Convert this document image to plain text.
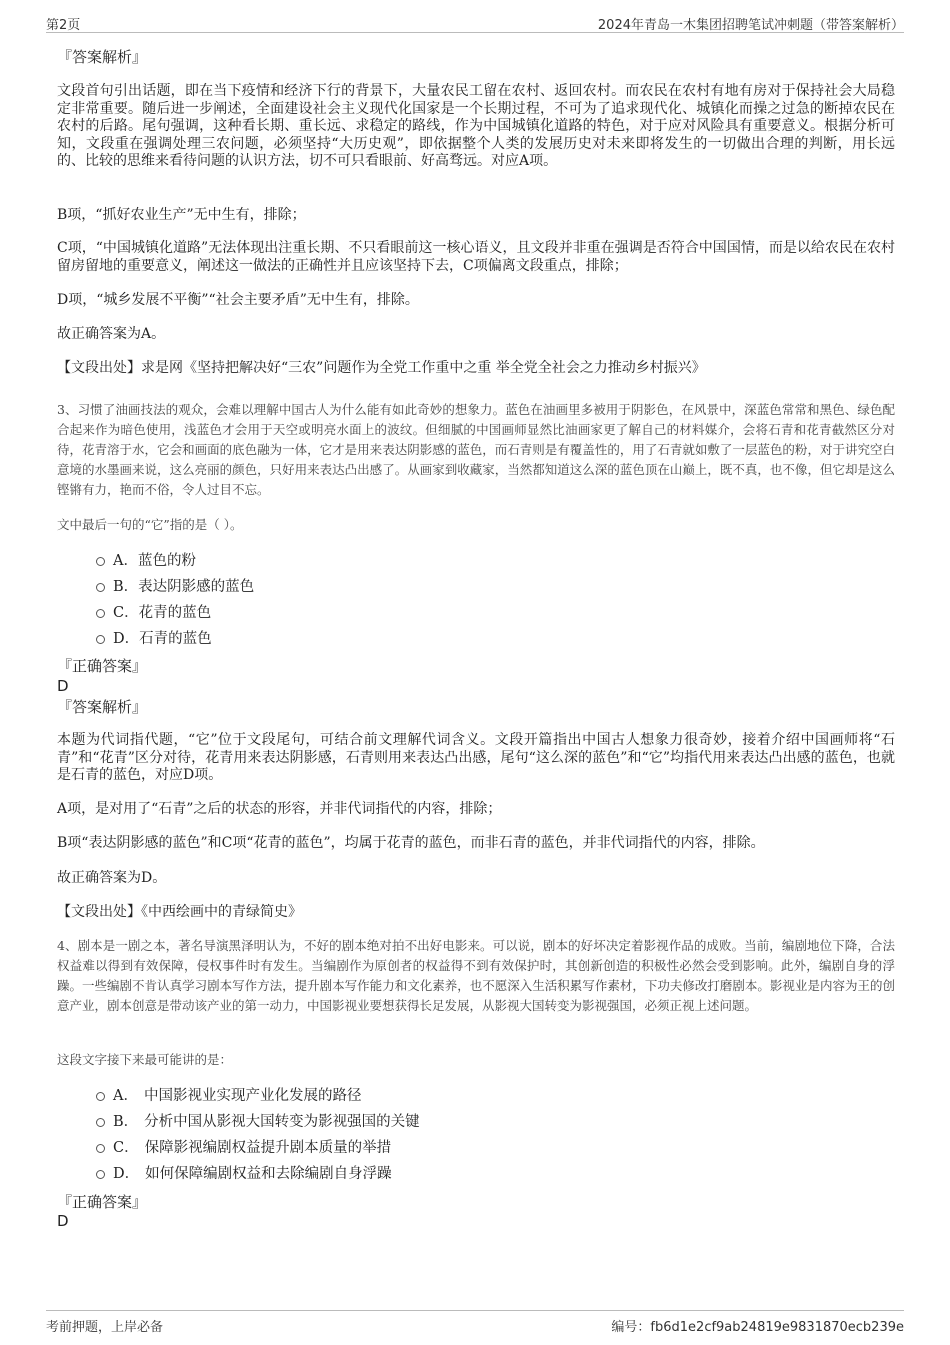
第2页	2024年青岛一木集团招聘笔试冲刺题（带答案解析）
『答案解析』

文段首句引出话题，即在当下疫情和经济下行的背景下，大量农民工留在农村、返回农村。而农民在农村有地有房对于保持社会大局稳定非常重要。随后进一步阐述，全面建设社会主义现代化国家是一个长期过程，不可为了追求现代化、城镇化而操之过急的断掉农民在农村的后路。尾句强调，这种看长期、重长远、求稳定的路线，作为中国城镇化道路的特色，对于应对风险具有重要意义。根据分析可知，文段重在强调处理三农问题，必须坚持“大历史观”，即依据整个人类的发展历史对未来即将发生的一切做出合理的判断，用长远的、比较的思维来看待问题的认识方法，切不可只看眼前、好高骛远。对应A项。

B项，“抓好农业生产”无中生有，排除；

C项，“中国城镇化道路”无法体现出注重长期、不只看眼前这一核心语义，且文段并非重在强调是否符合中国国情，而是以给农民在农村留房留地的重要意义，阐述这一做法的正确性并且应该坚持下去，C项偏离文段重点，排除；

D项，“城乡发展不平衡”“社会主要矛盾”无中生有，排除。

故正确答案为A。

【文段出处】求是网《坚持把解决好“三农”问题作为全党工作重中之重 举全党全社会之力推动乡村振兴》

3、习惯了油画技法的观众，会难以理解中国古人为什么能有如此奇妙的想象力。蓝色在油画里多被用于阴影色，在风景中，深蓝色常常和黑色、绿色配合起来作为暗色使用，浅蓝色才会用于天空或明亮水面上的波纹。但细腻的中国画师显然比油画家更了解自己的材料媒介，会将石青和花青截然区分对待，花青溶于水，它会和画面的底色融为一体，它才是用来表达阴影感的蓝色，而石青则是有覆盖性的，用了石青就如敷了一层蓝色的粉，对于讲究空白意境的水墨画来说，这么亮丽的颜色，只好用来表达凸出感了。从画家到收藏家，当然都知道这么深的蓝色顶在山巅上，既不真，也不像，但它却是这么铿锵有力，艳而不俗，令人过目不忘。

文中最后一句的“它”指的是（ ）。

A．蓝色的粉
B．表达阴影感的蓝色
C．花青的蓝色
D．石青的蓝色
『正确答案』
D
『答案解析』

本题为代词指代题，“它”位于文段尾句，可结合前文理解代词含义。文段开篇指出中国古人想象力很奇妙，接着介绍中国画师将“石青”和“花青”区分对待，花青用来表达阴影感，石青则用来表达凸出感，尾句“这么深的蓝色”和“它”均指代用来表达凸出感的蓝色，也就是石青的蓝色，对应D项。

A项，是对用了“石青”之后的状态的形容，并非代词指代的内容，排除；

B项“表达阴影感的蓝色”和C项“花青的蓝色”，均属于花青的蓝色，而非石青的蓝色，并非代词指代的内容，排除。

故正确答案为D。

【文段出处】《中西绘画中的青绿简史》

4、剧本是一剧之本，著名导演黑泽明认为，不好的剧本绝对拍不出好电影来。可以说，剧本的好坏决定着影视作品的成败。当前，编剧地位下降，合法权益难以得到有效保障，侵权事件时有发生。当编剧作为原创者的权益得不到有效保护时，其创新创造的积极性必然会受到影响。此外，编剧自身的浮躁。一些编剧不肯认真学习剧本写作方法，提升剧本写作能力和文化素养，也不愿深入生活积累写作素材，下功夫修改打磨剧本。影视业是内容为王的创意产业，剧本创意是带动该产业的第一动力，中国影视业要想获得长足发展，从影视大国转变为影视强国，必须正视上述问题。

这段文字接下来最可能讲的是：

A． 中国影视业实现产业化发展的路径
B． 分析中国从影视大国转变为影视强国的关键
C． 保障影视编剧权益提升剧本质量的举措
D． 如何保障编剧权益和去除编剧自身浮躁
『正确答案』
D
考前押题，上岸必备	编号：fb6d1e2cf9ab24819e9831870ecb239e
